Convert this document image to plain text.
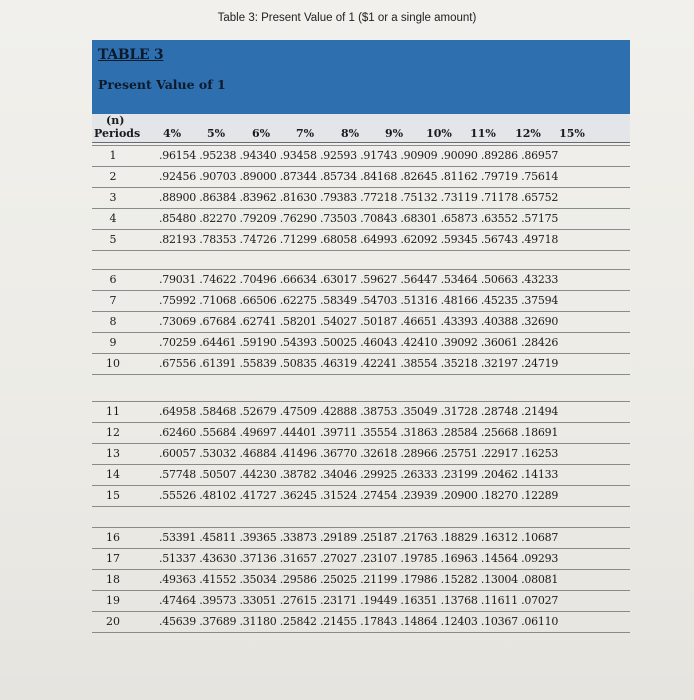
Table 3: Present Value of 1 ($1 or a single amount)
TABLE 3
Present Value of 1
(n)
Periods	4%	5%	6%	7%	8%	9%	10%	11%	12%	15%
1	.96154 .95238 .94340 .93458 .92593 .91743 .90909 .90090 .89286 .86957
2	.92456 .90703 .89000 .87344 .85734 .84168 .82645 .81162 .79719 .75614
3	.88900 .86384 .83962 .81630 .79383 .77218 .75132 .73119 .71178 .65752
4	.85480 .82270 .79209 .76290 .73503 .70843 .68301 .65873 .63552 .57175
5	.82193 .78353 .74726 .71299 .68058 .64993 .62092 .59345 .56743 .49718
6	.79031 .74622 .70496 .66634 .63017 .59627 .56447 .53464 .50663 .43233
7	.75992 .71068 .66506 .62275 .58349 .54703 .51316 .48166 .45235 .37594
8	.73069 .67684 .62741 .58201 .54027 .50187 .46651 .43393 .40388 .32690
9	.70259 .64461 .59190 .54393 .50025 .46043 .42410 .39092 .36061 .28426
10	.67556 .61391 .55839 .50835 .46319 .42241 .38554 .35218 .32197 .24719
11	.64958 .58468 .52679 .47509 .42888 .38753 .35049 .31728 .28748 .21494
12	.62460 .55684 .49697 .44401 .39711 .35554 .31863 .28584 .25668 .18691
13	.60057 .53032 .46884 .41496 .36770 .32618 .28966 .25751 .22917 .16253
14	.57748 .50507 .44230 .38782 .34046 .29925 .26333 .23199 .20462 .14133
15	.55526 .48102 .41727 .36245 .31524 .27454 .23939 .20900 .18270 .12289
16	.53391 .45811 .39365 .33873 .29189 .25187 .21763 .18829 .16312 .10687
17	.51337 .43630 .37136 .31657 .27027 .23107 .19785 .16963 .14564 .09293
18	.49363 .41552 .35034 .29586 .25025 .21199 .17986 .15282 .13004 .08081
19	.47464 .39573 .33051 .27615 .23171 .19449 .16351 .13768 .11611 .07027
20	.45639 .37689 .31180 .25842 .21455 .17843 .14864 .12403 .10367 .06110
